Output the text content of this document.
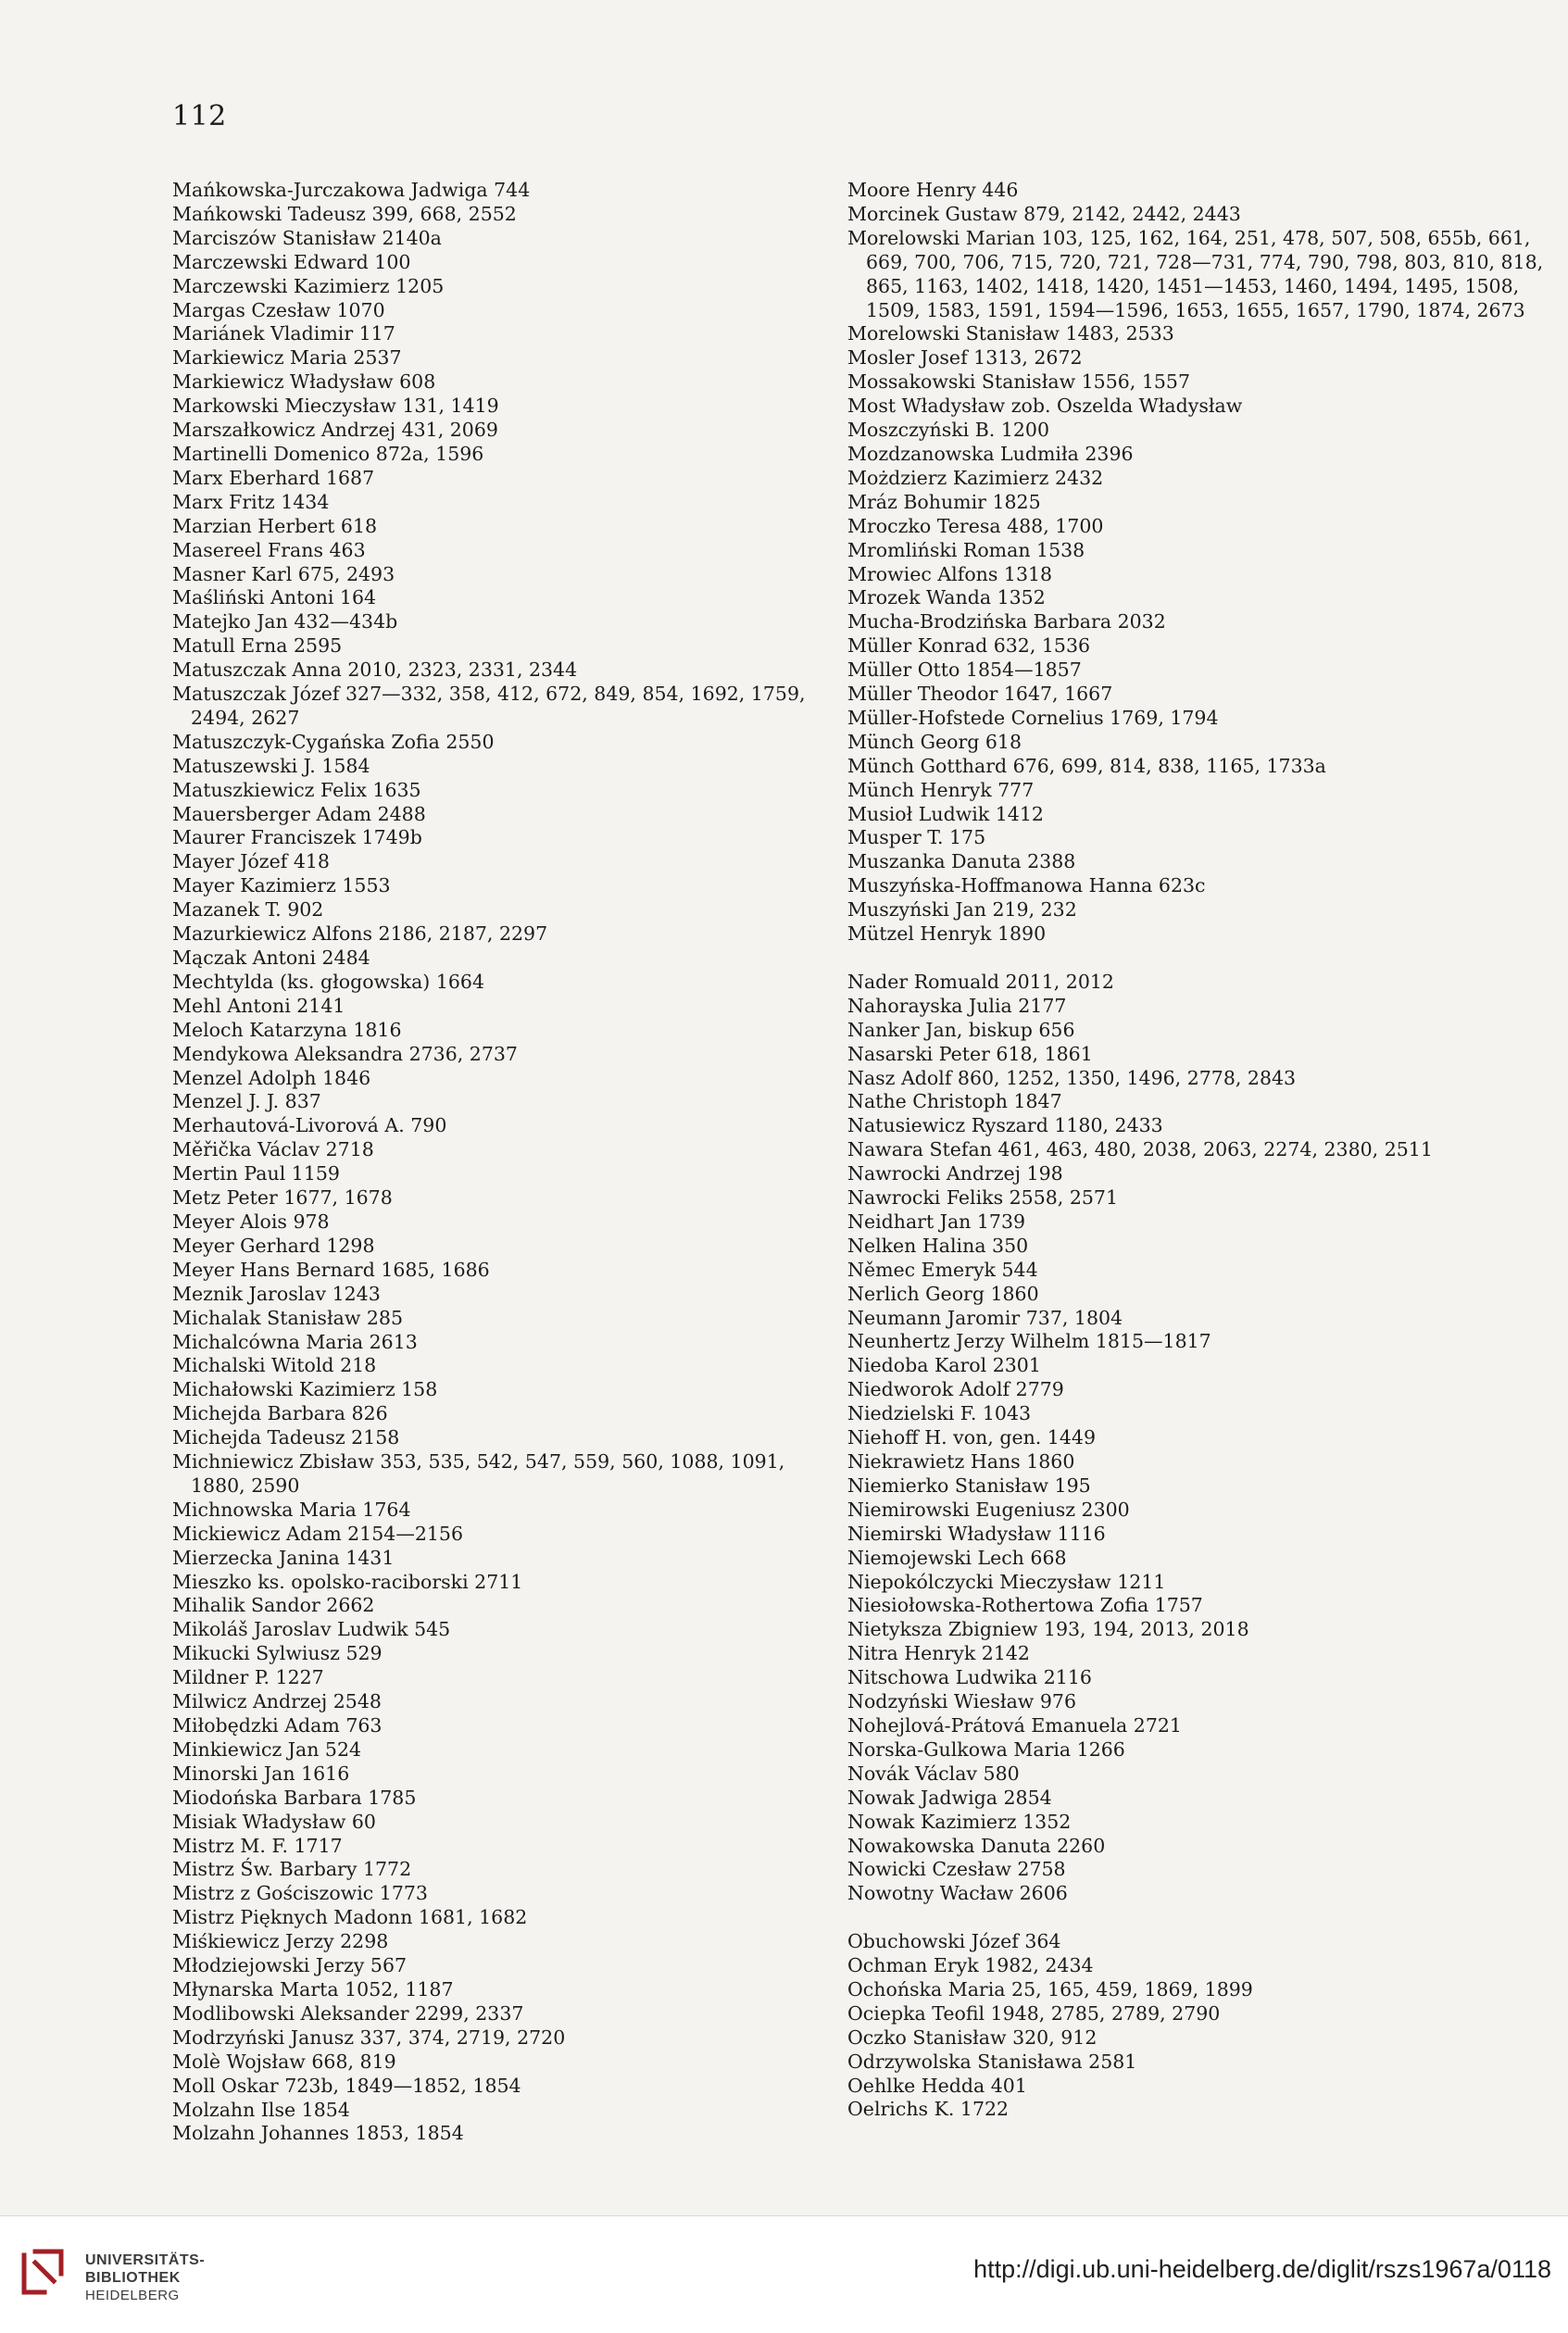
112
Mańkowska-Jurczakowa Jadwiga 744
Mańkowski Tadeusz 399, 668, 2552
Marciszów Stanisław 2140a
Marczewski Edward 100
Marczewski Kazimierz 1205
Margas Czesław 1070
Mariánek Vladimir 117
Markiewicz Maria 2537
Markiewicz Władysław 608
Markowski Mieczysław 131, 1419
Marszałkowicz Andrzej 431, 2069
Martinelli Domenico 872a, 1596
Marx Eberhard 1687
Marx Fritz 1434
Marzian Herbert 618
Masereel Frans 463
Masner Karl 675, 2493
Maśliński Antoni 164
Matejko Jan 432—434b
Matull Erna 2595
Matuszczak Anna 2010, 2323, 2331, 2344
Matuszczak Józef 327—332, 358, 412, 672, 849, 854, 1692, 1759, 2494, 2627
Matuszczyk-Cygańska Zofia 2550
Matuszewski J. 1584
Matuszkiewicz Felix 1635
Mauersberger Adam 2488
Maurer Franciszek 1749b
Mayer Józef 418
Mayer Kazimierz 1553
Mazanek T. 902
Mazurkiewicz Alfons 2186, 2187, 2297
Mączak Antoni 2484
Mechtylda (ks. głogowska) 1664
Mehl Antoni 2141
Meloch Katarzyna 1816
Mendykowa Aleksandra 2736, 2737
Menzel Adolph 1846
Menzel J. J. 837
Merhautová-Livorová A. 790
Měřička Václav 2718
Mertin Paul 1159
Metz Peter 1677, 1678
Meyer Alois 978
Meyer Gerhard 1298
Meyer Hans Bernard 1685, 1686
Meznik Jaroslav 1243
Michalak Stanisław 285
Michalcówna Maria 2613
Michalski Witold 218
Michałowski Kazimierz 158
Michejda Barbara 826
Michejda Tadeusz 2158
Michniewicz Zbisław 353, 535, 542, 547, 559, 560, 1088, 1091, 1880, 2590
Michnowska Maria 1764
Mickiewicz Adam 2154—2156
Mierzecka Janina 1431
Mieszko ks. opolsko-raciborski 2711
Mihalik Sandor 2662
Mikoláš Jaroslav Ludwik 545
Mikucki Sylwiusz 529
Mildner P. 1227
Milwicz Andrzej 2548
Miłobędzki Adam 763
Minkiewicz Jan 524
Minorski Jan 1616
Miodońska Barbara 1785
Misiak Władysław 60
Mistrz M. F. 1717
Mistrz Św. Barbary 1772
Mistrz z Gościszowic 1773
Mistrz Pięknych Madonn 1681, 1682
Miśkiewicz Jerzy 2298
Młodziejowski Jerzy 567
Młynarska Marta 1052, 1187
Modlibowski Aleksander 2299, 2337
Modrzyński Janusz 337, 374, 2719, 2720
Molè Wojsław 668, 819
Moll Oskar 723b, 1849—1852, 1854
Molzahn Ilse 1854
Molzahn Johannes 1853, 1854
Moore Henry 446
Morcinek Gustaw 879, 2142, 2442, 2443
Morelowski Marian 103, 125, 162, 164, 251, 478, 507, 508, 655b, 661, 669, 700, 706, 715, 720, 721, 728—731, 774, 790, 798, 803, 810, 818, 865, 1163, 1402, 1418, 1420, 1451—1453, 1460, 1494, 1495, 1508, 1509, 1583, 1591, 1594—1596, 1653, 1655, 1657, 1790, 1874, 2673
Morelowski Stanisław 1483, 2533
Mosler Josef 1313, 2672
Mossakowski Stanisław 1556, 1557
Most Władysław zob. Oszelda Władysław
Moszczyński B. 1200
Mozdzanowska Ludmiła 2396
Możdzierz Kazimierz 2432
Mráz Bohumir 1825
Mroczko Teresa 488, 1700
Mromliński Roman 1538
Mrowiec Alfons 1318
Mrozek Wanda 1352
Mucha-Brodzińska Barbara 2032
Müller Konrad 632, 1536
Müller Otto 1854—1857
Müller Theodor 1647, 1667
Müller-Hofstede Cornelius 1769, 1794
Münch Georg 618
Münch Gotthard 676, 699, 814, 838, 1165, 1733a
Münch Henryk 777
Musioł Ludwik 1412
Musper T. 175
Muszanka Danuta 2388
Muszyńska-Hoffmanowa Hanna 623c
Muszyński Jan 219, 232
Mützel Henryk 1890
Nader Romuald 2011, 2012
Nahorayska Julia 2177
Nanker Jan, biskup 656
Nasarski Peter 618, 1861
Nasz Adolf 860, 1252, 1350, 1496, 2778, 2843
Nathe Christoph 1847
Natusiewicz Ryszard 1180, 2433
Nawara Stefan 461, 463, 480, 2038, 2063, 2274, 2380, 2511
Nawrocki Andrzej 198
Nawrocki Feliks 2558, 2571
Neidhart Jan 1739
Nelken Halina 350
Němec Emeryk 544
Nerlich Georg 1860
Neumann Jaromir 737, 1804
Neunhertz Jerzy Wilhelm 1815—1817
Niedoba Karol 2301
Niedworok Adolf 2779
Niedzielski F. 1043
Niehoff H. von, gen. 1449
Niekrawietz Hans 1860
Niemierko Stanisław 195
Niemirowski Eugeniusz 2300
Niemirski Władysław 1116
Niemojewski Lech 668
Niepokólczycki Mieczysław 1211
Niesiołowska-Rothertowa Zofia 1757
Nietyksza Zbigniew 193, 194, 2013, 2018
Nitra Henryk 2142
Nitschowa Ludwika 2116
Nodzyński Wiesław 976
Nohejlová-Prátová Emanuela 2721
Norska-Gulkowa Maria 1266
Novák Václav 580
Nowak Jadwiga 2854
Nowak Kazimierz 1352
Nowakowska Danuta 2260
Nowicki Czesław 2758
Nowotny Wacław 2606
Obuchowski Józef 364
Ochman Eryk 1982, 2434
Ochońska Maria 25, 165, 459, 1869, 1899
Ociepka Teofil 1948, 2785, 2789, 2790
Oczko Stanisław 320, 912
Odrzywolska Stanisława 2581
Oehlke Hedda 401
Oelrichs K. 1722
UNIVERSITÄTS-
BIBLIOTHEK
HEIDELBERG
http://digi.ub.uni-heidelberg.de/diglit/rszs1967a/0118
